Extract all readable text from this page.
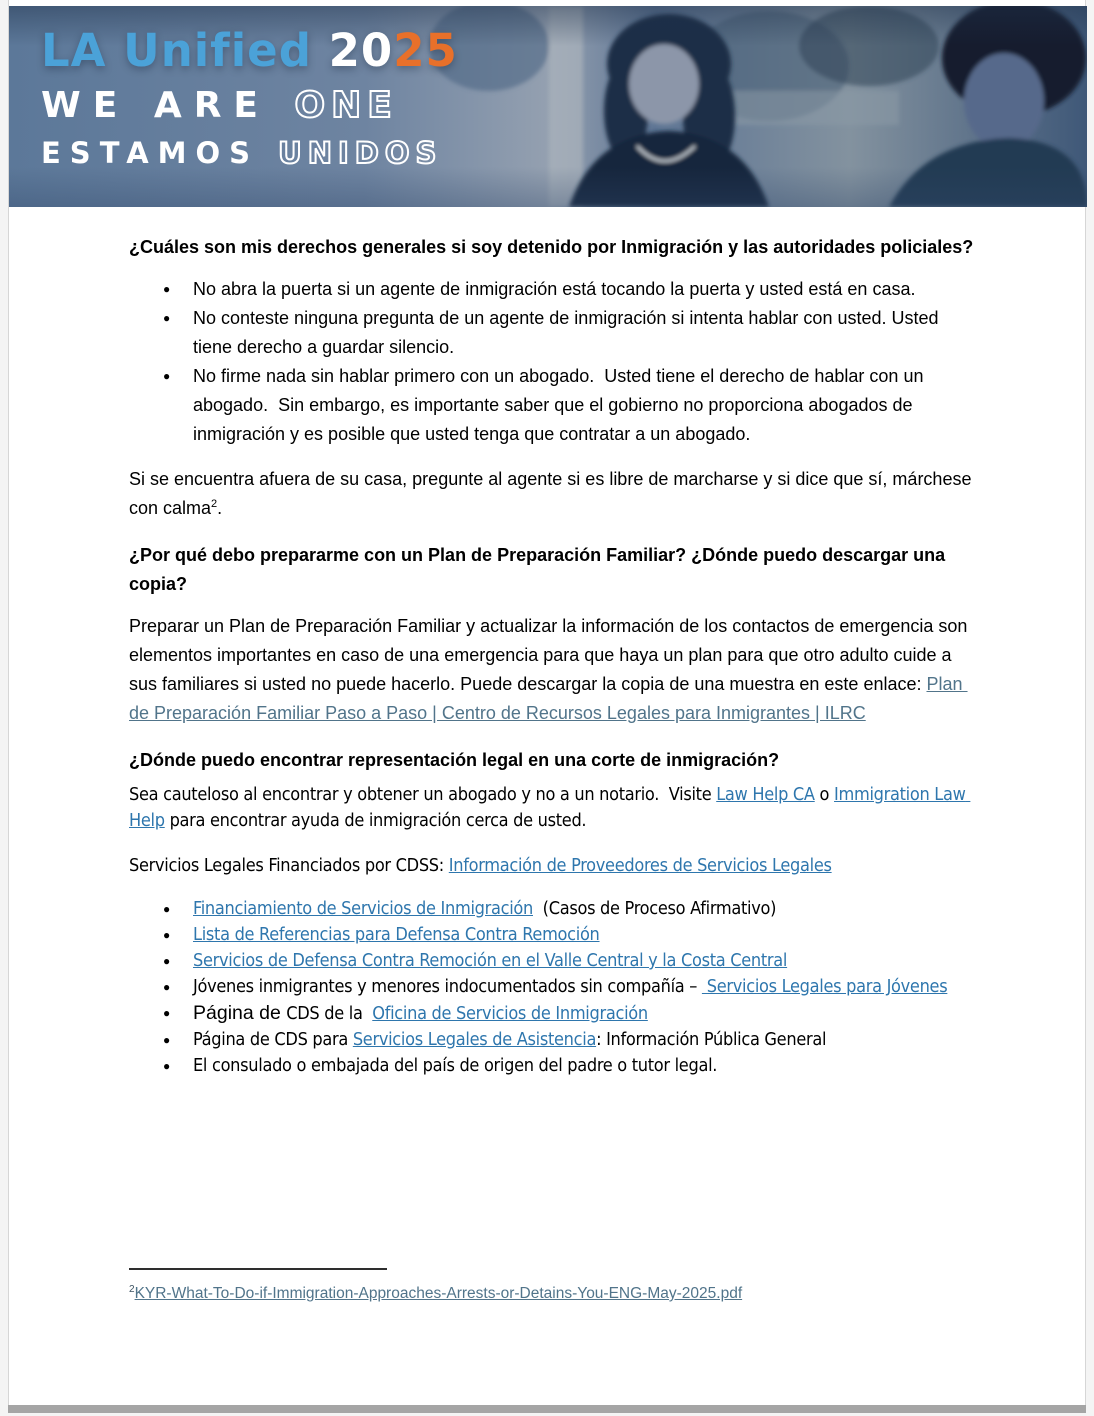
LA Unified 2025
WE ARE ONE
ESTAMOS UNIDOS
¿Cuáles son mis derechos generales si soy detenido por Inmigración y las autoridades policiales?
●	No abra la puerta si un agente de inmigración está tocando la puerta y usted está en casa.
●	No conteste ninguna pregunta de un agente de inmigración si intenta hablar con usted. Usted tiene derecho a guardar silencio.
●	No firme nada sin hablar primero con un abogado.  Usted tiene el derecho de hablar con un abogado.  Sin embargo, es importante saber que el gobierno no proporciona abogados de inmigración y es posible que usted tenga que contratar a un abogado.
Si se encuentra afuera de su casa, pregunte al agente si es libre de marcharse y si dice que sí, márchese con calma$^2$.
¿Por qué debo prepararme con un Plan de Preparación Familiar? ¿Dónde puedo descargar una copia?
Preparar un Plan de Preparación Familiar y actualizar la información de los contactos de emergencia son elementos importantes en caso de una emergencia para que haya un plan para que otro adulto cuide a sus familiares si usted no puede hacerlo. Puede descargar la copia de una muestra en este enlace: Plan de Preparación Familiar Paso a Paso | Centro de Recursos Legales para Inmigrantes | ILRC
¿Dónde puedo encontrar representación legal en una corte de inmigración?
Sea cauteloso al encontrar y obtener un abogado y no a un notario.  Visite Law Help CA o Immigration Law Help para encontrar ayuda de inmigración cerca de usted.
Servicios Legales Financiados por CDSS: Información de Proveedores de Servicios Legales
●	Financiamiento de Servicios de Inmigración  (Casos de Proceso Afirmativo)
●	Lista de Referencias para Defensa Contra Remoción
●	Servicios de Defensa Contra Remoción en el Valle Central y la Costa Central
●	Jóvenes inmigrantes y menores indocumentados sin compañía –  Servicios Legales para Jóvenes
●	Página de CDS de la  Oficina de Servicios de Inmigración
●	Página de CDS para Servicios Legales de Asistencia: Información Pública General
●	El consulado o embajada del país de origen del padre o tutor legal.
$^2$KYR-What-To-Do-if-Immigration-Approaches-Arrests-or-Detains-You-ENG-May-2025.pdf
